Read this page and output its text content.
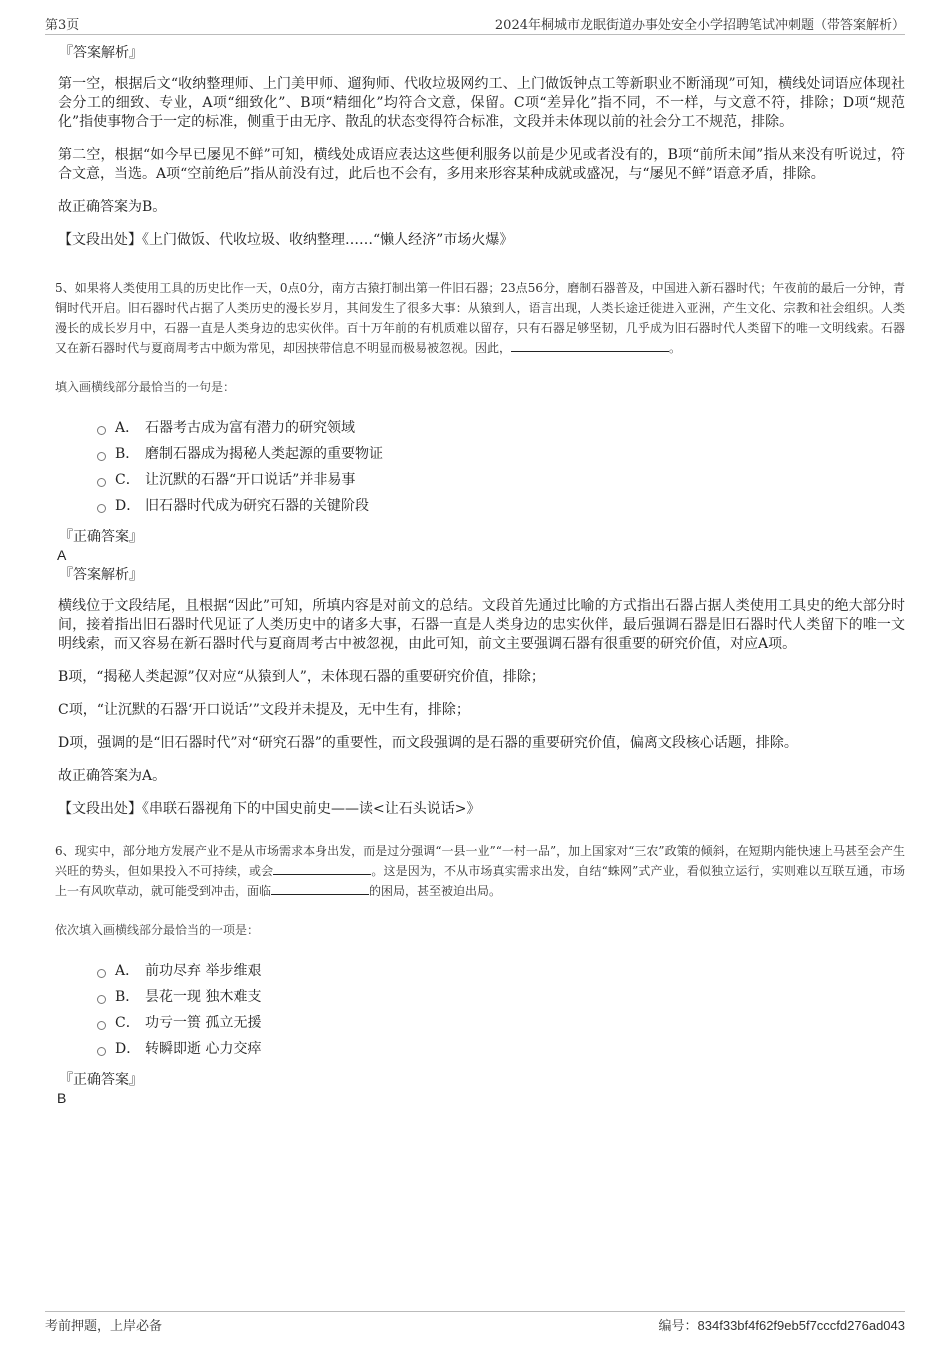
第3页	2024年桐城市龙眠街道办事处安全小学招聘笔试冲刺题（带答案解析）
『答案解析』

第一空，根据后文“收纳整理师、上门美甲师、遛狗师、代收垃圾网约工、上门做饭钟点工等新职业不断涌现”可知，横线处词语应体现社会分工的细致、专业，A项“细致化”、B项“精细化”均符合文意，保留。C项“差异化”指不同，不一样，与文意不符，排除；D项“规范化”指使事物合于一定的标准，侧重于由无序、散乱的状态变得符合标准，文段并未体现以前的社会分工不规范，排除。

第二空，根据“如今早已屡见不鲜”可知，横线处成语应表达这些便利服务以前是少见或者没有的，B项“前所未闻”指从来没有听说过，符合文意，当选。A项“空前绝后”指从前没有过，此后也不会有，多用来形容某种成就或盛况，与“屡见不鲜”语意矛盾，排除。

故正确答案为B。

【文段出处】《上门做饭、代收垃圾、收纳整理……“懒人经济”市场火爆》

5、如果将人类使用工具的历史比作一天，0点0分，南方古猿打制出第一件旧石器；23点56分，磨制石器普及，中国进入新石器时代；午夜前的最后一分钟，青铜时代开启。旧石器时代占据了人类历史的漫长岁月，其间发生了很多大事：从猿到人，语言出现，人类长途迁徙进入亚洲，产生文化、宗教和社会组织。人类漫长的成长岁月中，石器一直是人类身边的忠实伙伴。百十万年前的有机质难以留存，只有石器足够坚韧，几乎成为旧石器时代人类留下的唯一文明线索。石器又在新石器时代与夏商周考古中颇为常见，却因挟带信息不明显而极易被忽视。因此，	。

填入画横线部分最恰当的一句是：
A． 石器考古成为富有潜力的研究领域
B． 磨制石器成为揭秘人类起源的重要物证
C． 让沉默的石器“开口说话”并非易事
D． 旧石器时代成为研究石器的关键阶段
『正确答案』
A
『答案解析』

横线位于文段结尾，且根据“因此”可知，所填内容是对前文的总结。文段首先通过比喻的方式指出石器占据人类使用工具史的绝大部分时间，接着指出旧石器时代见证了人类历史中的诸多大事，石器一直是人类身边的忠实伙伴，最后强调石器是旧石器时代人类留下的唯一文明线索，而又容易在新石器时代与夏商周考古中被忽视，由此可知，前文主要强调石器有很重要的研究价值，对应A项。

B项，“揭秘人类起源”仅对应“从猿到人”，未体现石器的重要研究价值，排除；

C项，“让沉默的石器‘开口说话’”文段并未提及，无中生有，排除；

D项，强调的是“旧石器时代”对“研究石器”的重要性，而文段强调的是石器的重要研究价值，偏离文段核心话题，排除。

故正确答案为A。

【文段出处】《串联石器视角下的中国史前史——读<让石头说话>》

6、现实中，部分地方发展产业不是从市场需求本身出发，而是过分强调“一县一业”“一村一品”，加上国家对“三农”政策的倾斜，在短期内能快速上马甚至会产生兴旺的势头，但如果投入不可持续，或会	。这是因为，不从市场真实需求出发，自结“蛛网”式产业，看似独立运行，实则难以互联互通，市场上一有风吹草动，就可能受到冲击，面临	的困局，甚至被迫出局。

依次填入画横线部分最恰当的一项是：
A． 前功尽弃 举步维艰
B． 昙花一现 独木难支
C． 功亏一篑 孤立无援
D． 转瞬即逝 心力交瘁
『正确答案』
B
考前押题，上岸必备	编号：834f33bf4f62f9eb5f7cccfd276ad043
